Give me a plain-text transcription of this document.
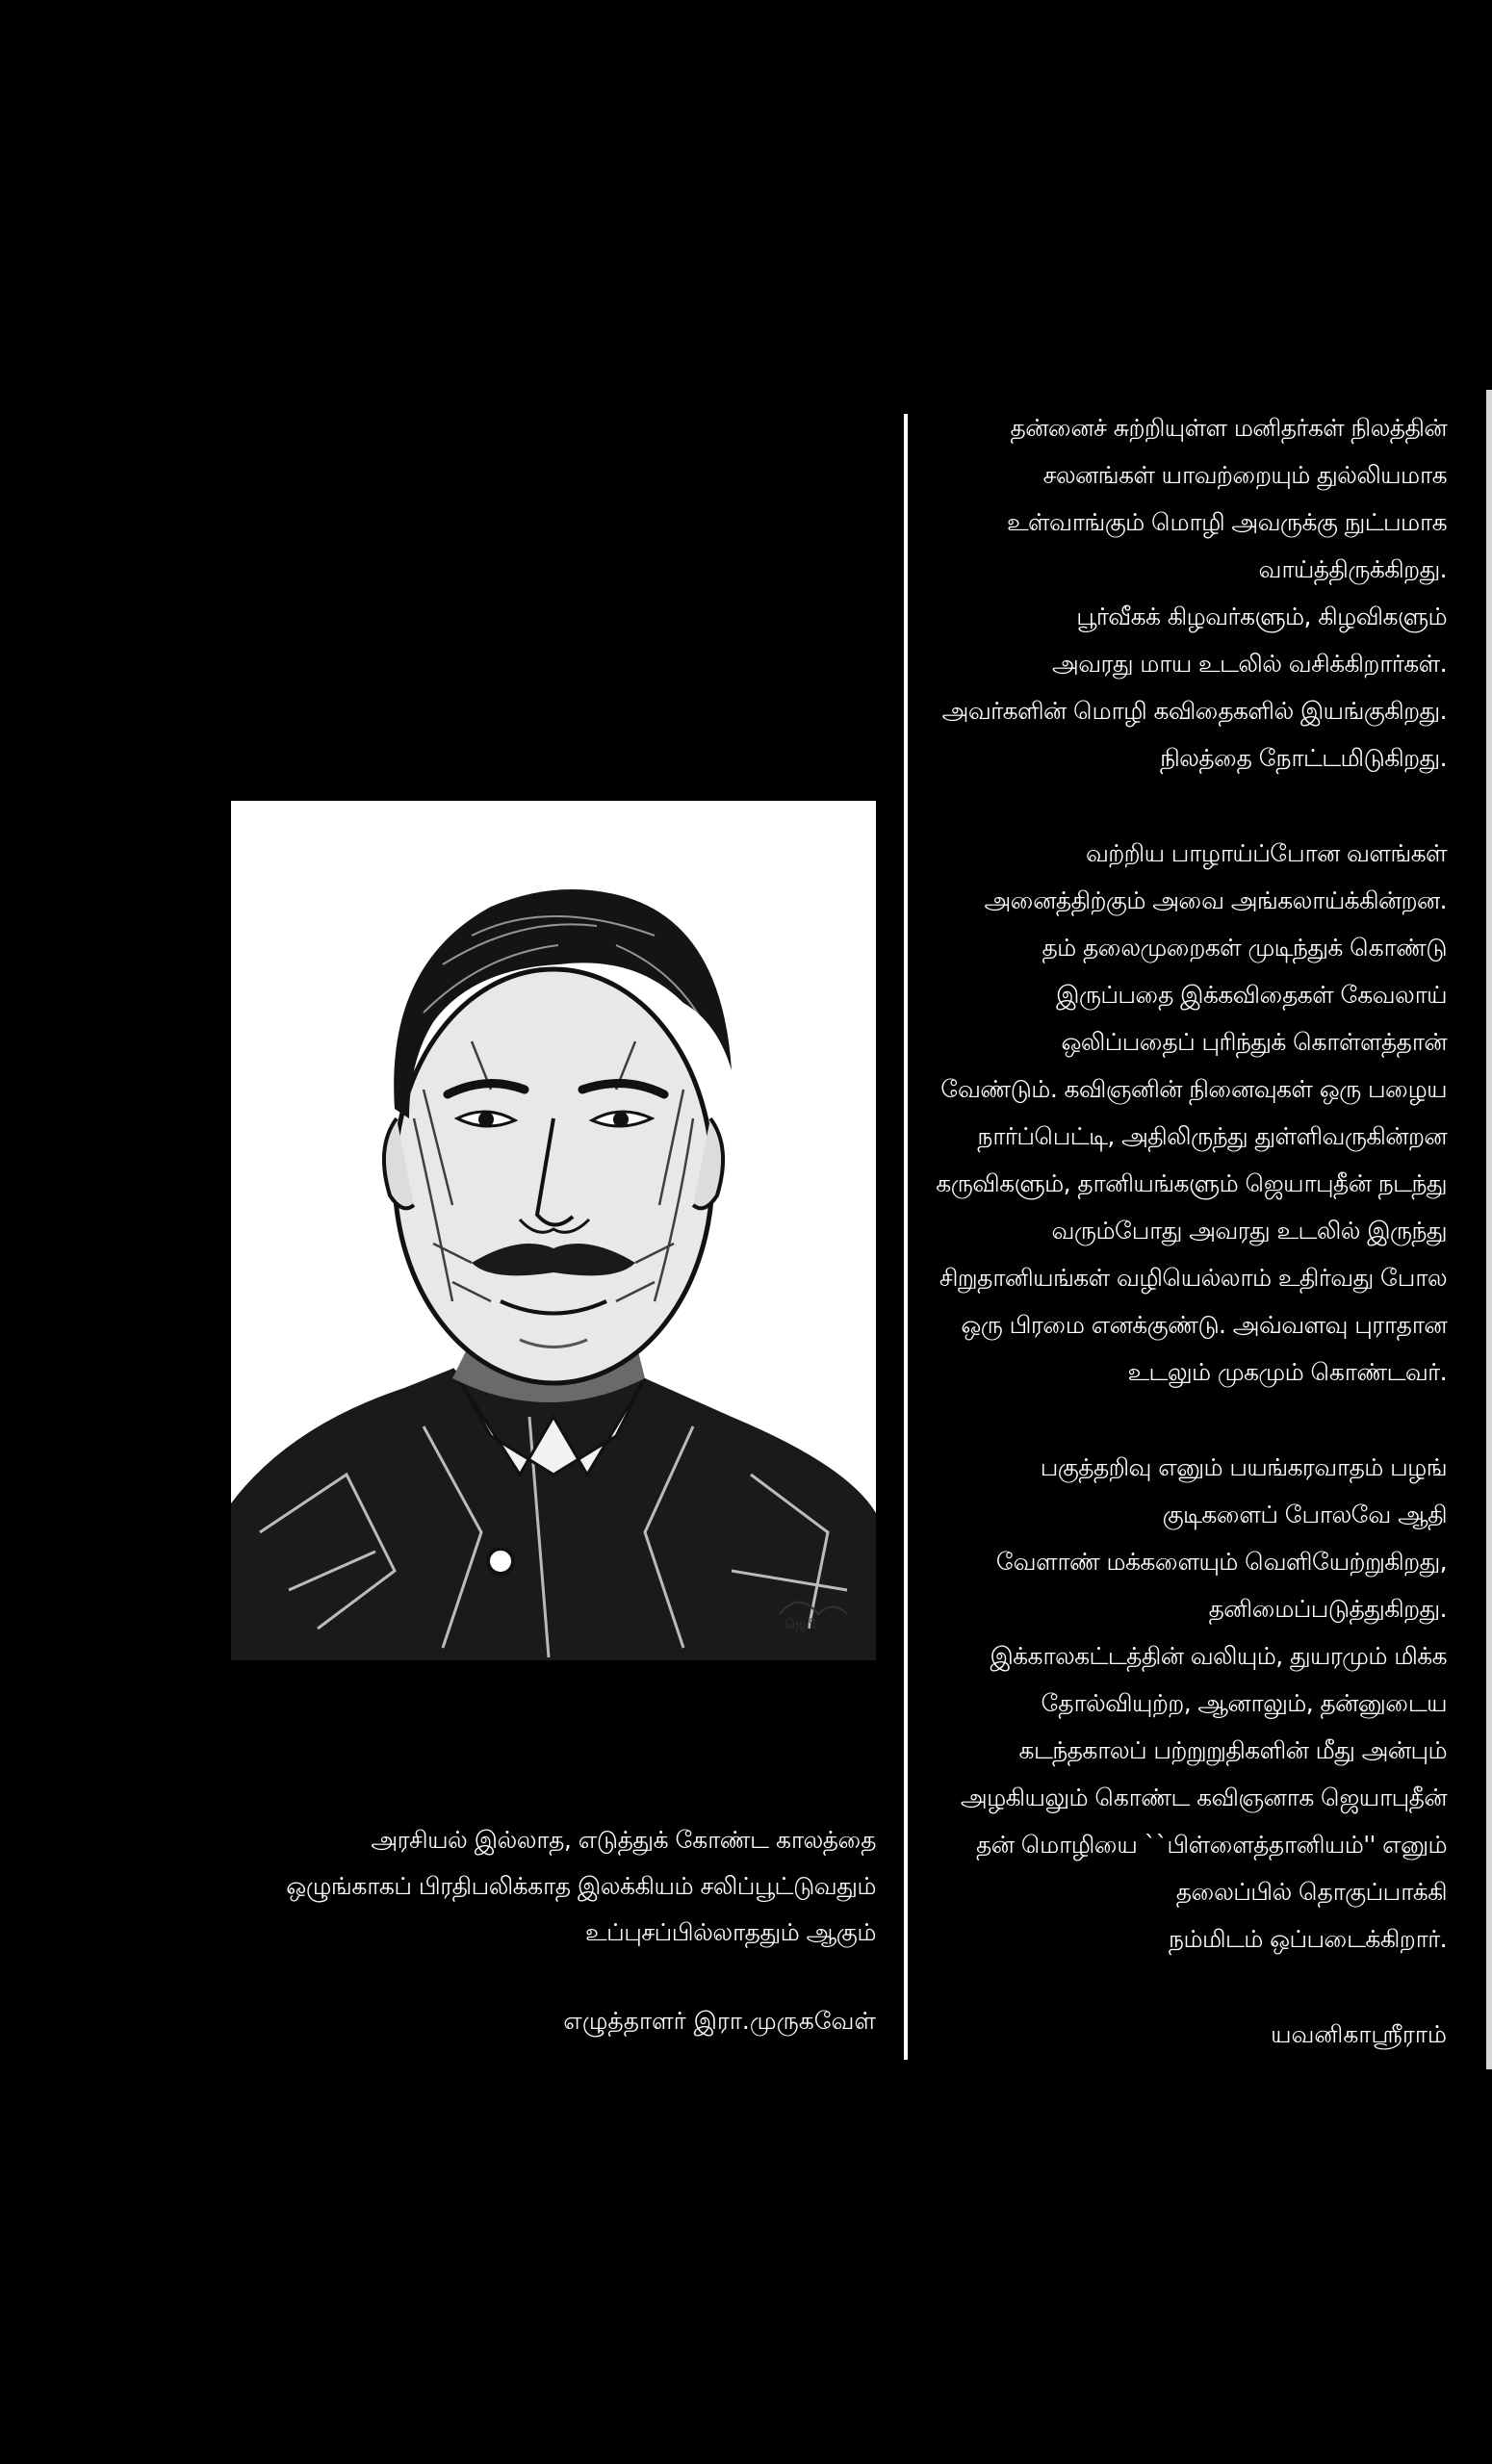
ஜெரி
அரசியல் இல்லாத, எடுத்துக் கோண்ட காலத்தை
ஒழுங்காகப் பிரதிபலிக்காத இலக்கியம் சலிப்பூட்டுவதும்
உப்புசப்பில்லாததும் ஆகும்
எழுத்தாளர் இரா.முருகவேள்
தன்னைச் சுற்றியுள்ள மனிதர்கள் நிலத்தின்
சலனங்கள் யாவற்றையும் துல்லியமாக
உள்வாங்கும் மொழி அவருக்கு நுட்பமாக
வாய்த்திருக்கிறது.
பூர்வீகக் கிழவர்களும், கிழவிகளும்
அவரது மாய உடலில் வசிக்கிறார்கள்.
அவர்களின் மொழி கவிதைகளில் இயங்குகிறது.
நிலத்தை நோட்டமிடுகிறது.
வற்றிய பாழாய்ப்போன வளங்கள்
அனைத்திற்கும் அவை அங்கலாய்க்கின்றன.
தம் தலைமுறைகள் முடிந்துக் கொண்டு
இருப்பதை இக்கவிதைகள் கேவலாய்
ஒலிப்பதைப் புரிந்துக் கொள்ளத்தான்
வேண்டும். கவிஞனின் நினைவுகள் ஒரு பழைய
நார்ப்பெட்டி, அதிலிருந்து துள்ளிவருகின்றன
கருவிகளும், தானியங்களும் ஜெயாபுதீன் நடந்து
வரும்போது அவரது உடலில் இருந்து
சிறுதானியங்கள் வழியெல்லாம் உதிர்வது போல
ஒரு பிரமை எனக்குண்டு. அவ்வளவு புராதான
உடலும் முகமும் கொண்டவர்.
பகுத்தறிவு எனும் பயங்கரவாதம் பழங்
குடிகளைப் போலவே ஆதி
வேளாண் மக்களையும் வெளியேற்றுகிறது,
தனிமைப்படுத்துகிறது.
இக்காலகட்டத்தின் வலியும், துயரமும் மிக்க
தோல்வியுற்ற, ஆனாலும், தன்னுடைய
கடந்தகாலப் பற்றுறுதிகளின் மீது அன்பும்
அழகியலும் கொண்ட கவிஞனாக ஜெயாபுதீன்
தன் மொழியை ``பிள்ளைத்தானியம்'' எனும்
தலைப்பில் தொகுப்பாக்கி
நம்மிடம் ஒப்படைக்கிறார்.
யவனிகாஸ்ரீராம்
